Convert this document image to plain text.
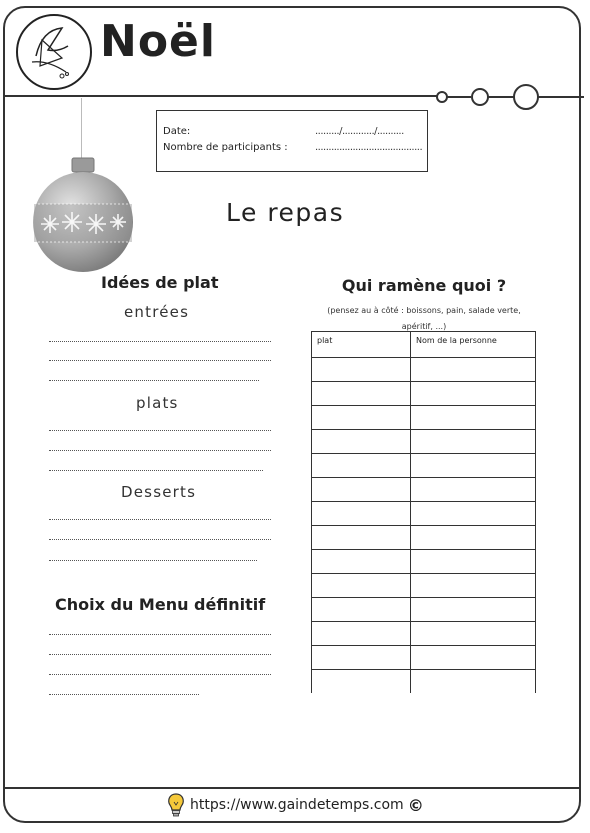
Noël
Date:	........./............/..........
Nombre de participants :	........................................
Le repas
Idées de plat
entrées
plats
Desserts
Choix du Menu définitif
Qui ramène quoi ?
(pensez au à côté : boissons, pain, salade verte, apéritif, ...)
plat	Nom de la personne

https://www.gaindetemps.com ©
